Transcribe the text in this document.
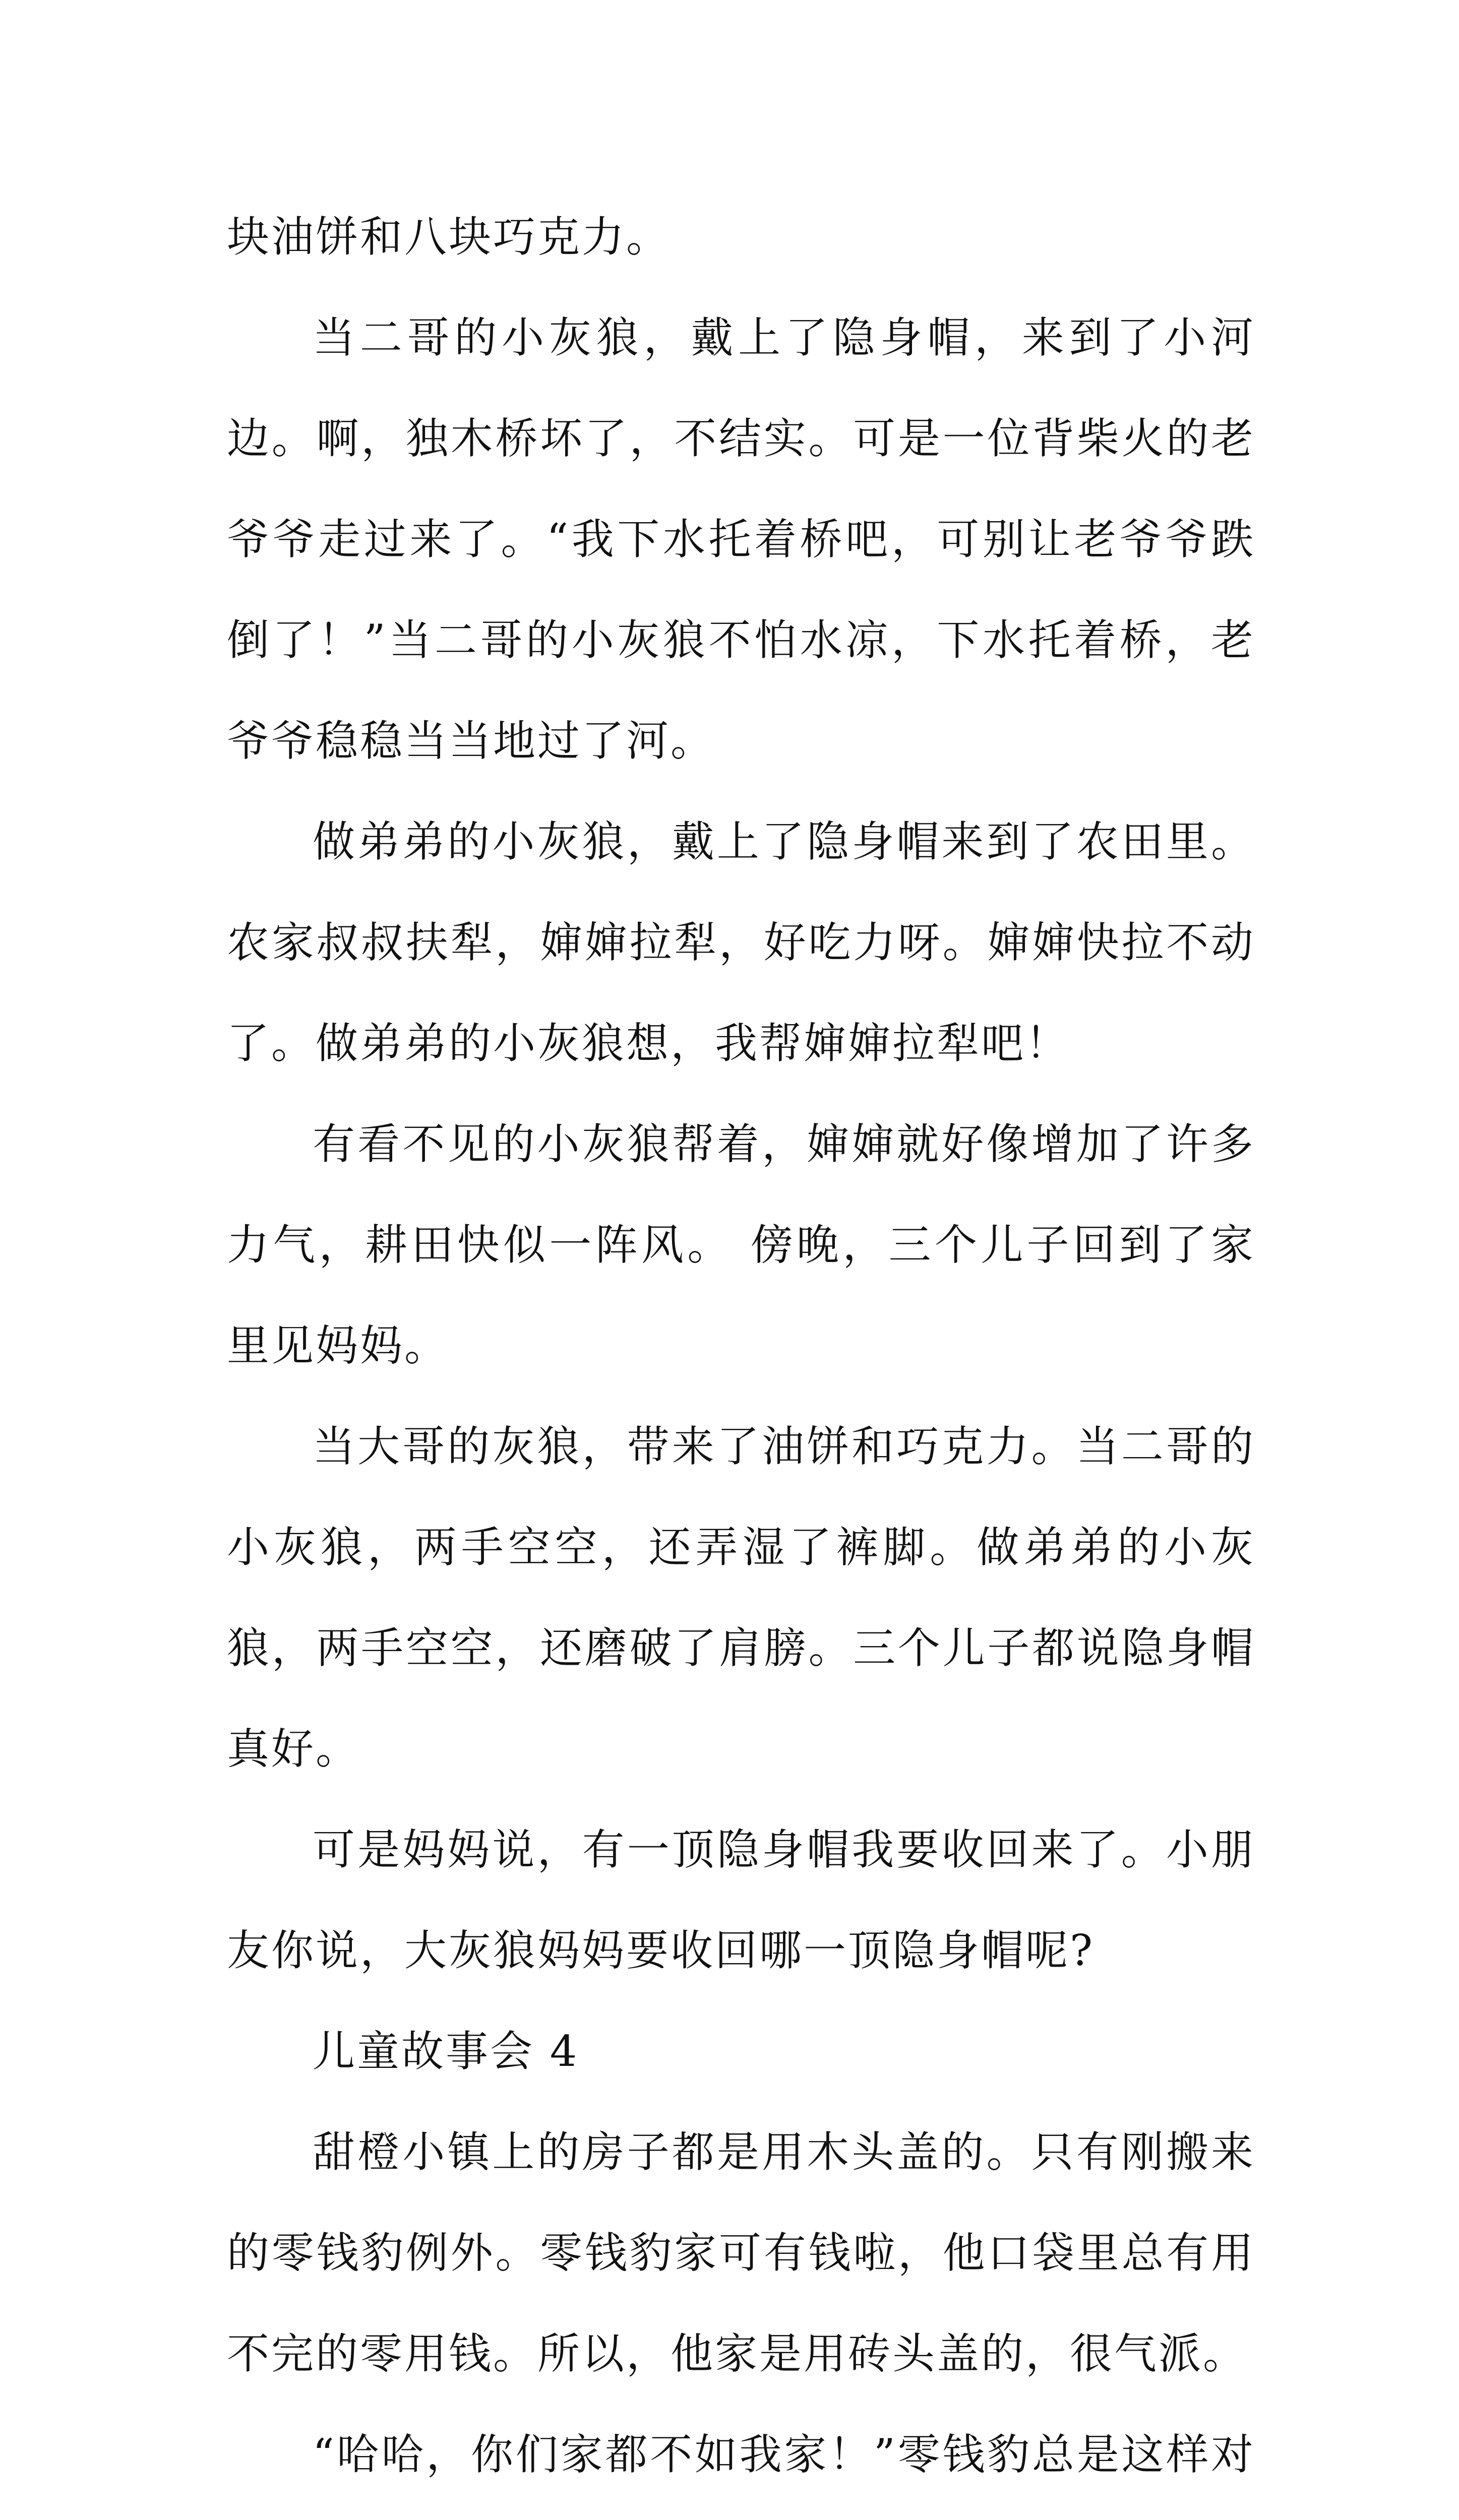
块油饼和八块巧克力。

当二哥的小灰狼，戴上了隐身帽，来到了小河边。啊，独木桥坏了，不结实。可是一位背柴火的老爷爷走过来了。“我下水托着桥吧，可别让老爷爷跌倒了！”当二哥的小灰狼不怕水凉，下水托着桥，老爷爷稳稳当当地过了河。

做弟弟的小灰狼，戴上了隐身帽来到了农田里。农家叔叔扶犁，婶婶拉犁，好吃力呀。婶婶快拉不动了。做弟弟的小灰狼想，我帮婶婶拉犁吧！

有看不见的小灰狼帮着，婶婶就好像增加了许多力气，耕田快似一阵风。 傍晚，三个儿子回到了家里见妈妈。

当大哥的灰狼，带来了油饼和巧克力。当二哥的小灰狼，两手空空，还弄湿了裤脚。做弟弟的小灰狼，两手空空，还磨破了肩膀。三个儿子都说隐身帽真好。

可是妈妈说，有一顶隐身帽我要收回来了。小朋友你说，大灰狼妈妈要收回哪一顶隐身帽呢?

儿童故事会 4

甜橙小镇上的房子都是用木头盖的。只有刚搬来的零钱豹例外。零钱豹家可有钱啦，他口袋里总有用不完的零用钱。所以，他家是用砖头盖的，很气派。

“哈哈，你们家都不如我家！”零钱豹总是这样对
